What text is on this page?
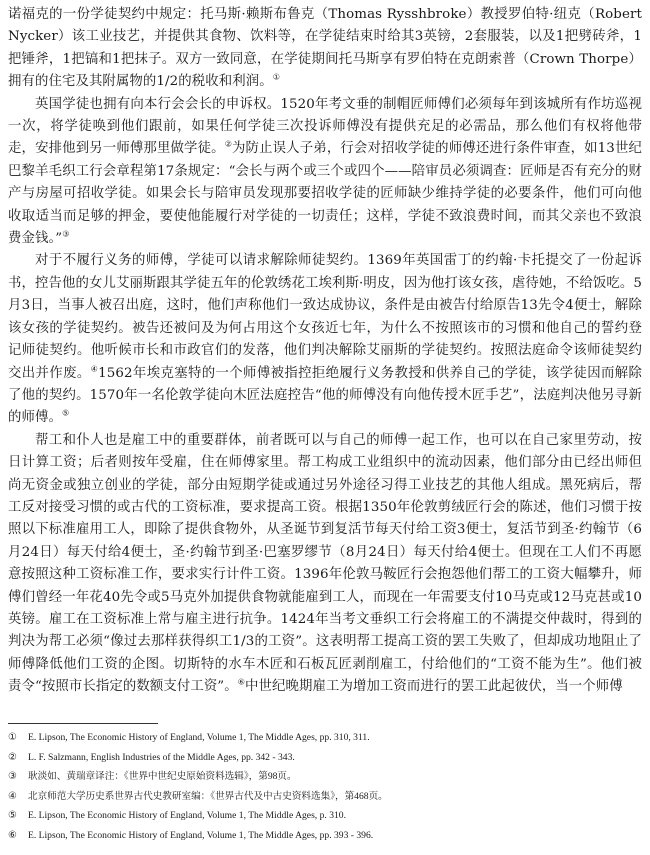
诺福克的一份学徒契约中规定：托马斯·赖斯布鲁克（Thomas Rysshbroke）教授罗伯特·纽克（Robert Nycker）该工业技艺，并提供其食物、饮料等，在学徒结束时给其3英镑，2套服装，以及1把劈砖斧，1把锤斧，1把镐和1把抹子。双方一致同意，在学徒期间托马斯享有罗伯特在克朗索普（Crown Thorpe）拥有的住宅及其附属物的1/2的税收和利润。①

英国学徒也拥有向本行会会长的申诉权。1520年考文垂的制帽匠师傅们必须每年到该城所有作坊巡视一次，将学徒唤到他们跟前，如果任何学徒三次投诉师傅没有提供充足的必需品，那么他们有权将他带走，安排他到另一师傅那里做学徒。②为防止误人子弟，行会对招收学徒的师傅还进行条件审查，如13世纪巴黎羊毛织工行会章程第17条规定：“会长与两个或三个或四个——陪审员必须调查：匠师是否有充分的财产与房屋可招收学徒。如果会长与陪审员发现那要招收学徒的匠师缺少维持学徒的必要条件，他们可向他收取适当而足够的押金，要使他能履行对学徒的一切责任；这样，学徒不致浪费时间，而其父亲也不致浪费金钱。”③

对于不履行义务的师傅，学徒可以请求解除师徒契约。1369年英国雷丁的约翰·卡托提交了一份起诉书，控告他的女儿艾丽斯跟其学徒五年的伦敦绣花工埃利斯·明皮，因为他打该女孩，虐待她，不给饭吃。5月3日，当事人被召出庭，这时，他们声称他们一致达成协议，条件是由被告付给原告13先令4便士，解除该女孩的学徒契约。被告还被问及为何占用这个女孩近七年，为什么不按照该市的习惯和他自己的誓约登记师徒契约。他听候市长和市政官们的发落，他们判决解除艾丽斯的学徒契约。按照法庭命令该师徒契约交出并作废。④1562年埃克塞特的一个师傅被指控拒绝履行义务教授和供养自己的学徒，该学徒因而解除了他的契约。1570年一名伦敦学徒向木匠法庭控告“他的师傅没有向他传授木匠手艺”，法庭判决他另寻新的师傅。⑤

帮工和仆人也是雇工中的重要群体，前者既可以与自己的师傅一起工作，也可以在自己家里劳动，按日计算工资；后者则按年受雇，住在师傅家里。帮工构成工业组织中的流动因素，他们部分由已经出师但尚无资金或独立创业的学徒，部分由短期学徒或通过另外途径习得工业技艺的其他人组成。黑死病后，帮工反对接受习惯的或古代的工资标准，要求提高工资。根据1350年伦敦剪绒匠行会的陈述，他们习惯于按照以下标准雇用工人，即除了提供食物外，从圣诞节到复活节每天付给工资3便士，复活节到圣·约翰节（6月24日）每天付给4便士，圣·约翰节到圣·巴塞罗缪节（8月24日）每天付给4便士。但现在工人们不再愿意按照这种工资标准工作，要求实行计件工资。1396年伦敦马鞍匠行会抱怨他们帮工的工资大幅攀升，师傅们曾经一年花40先令或5马克外加提供食物就能雇到工人，而现在一年需要支付10马克或12马克甚或10英镑。雇工在工资标准上常与雇主进行抗争。1424年当考文垂织工行会将雇工的不满提交仲裁时，得到的判决为帮工必须“像过去那样获得织工1/3的工资”。这表明帮工提高工资的罢工失败了，但却成功地阻止了师傅降低他们工资的企图。切斯特的水车木匠和石板瓦匠剥削雇工，付给他们的“工资不能为生”。他们被责令“按照市长指定的数额支付工资”。⑥中世纪晚期雇工为增加工资而进行的罢工此起彼伏，当一个师傅

① E. Lipson, The Economic History of England, Volume 1, The Middle Ages, pp. 310, 311.
② L. F. Salzmann, English Industries of the Middle Ages, pp. 342 - 343.
③ 耿淡如、黄瑞章译注：《世界中世纪史原始资料选辑》，第98页。
④ 北京师范大学历史系世界古代史教研室编：《世界古代及中古史资料选集》，第468页。
⑤ E. Lipson, The Economic History of England, Volume 1, The Middle Ages, p. 310.
⑥ E. Lipson, The Economic History of England, Volume 1, The Middle Ages, pp. 393 - 396.
